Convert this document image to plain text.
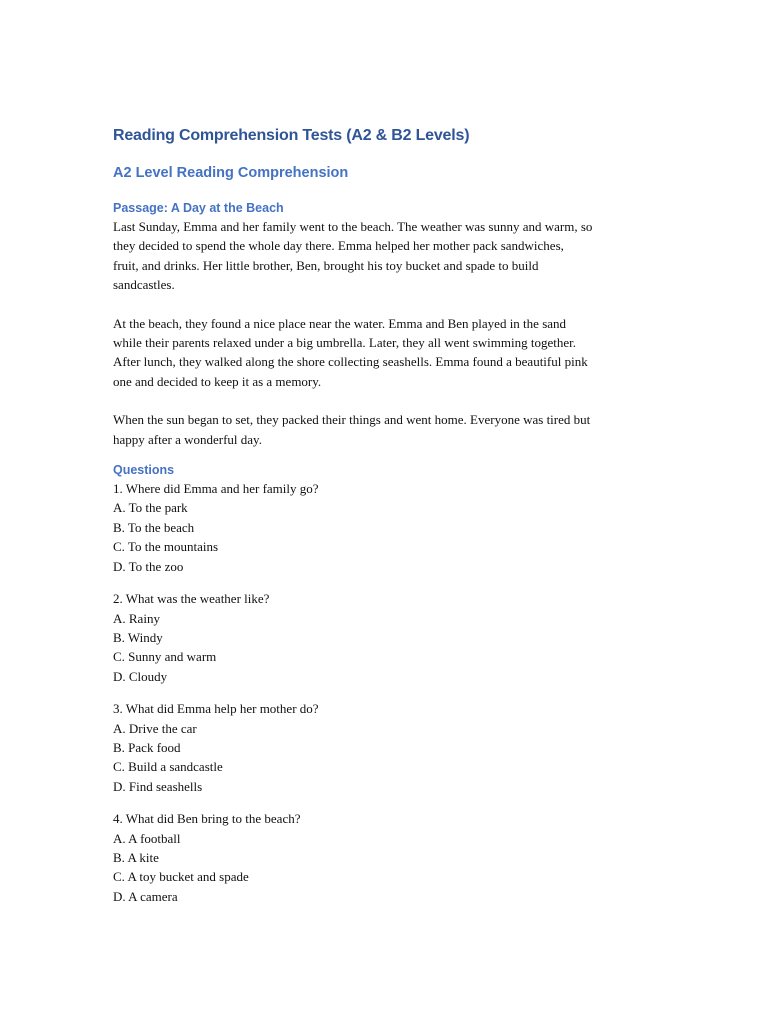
Reading Comprehension Tests (A2 & B2 Levels)
A2 Level Reading Comprehension
Passage: A Day at the Beach
Last Sunday, Emma and her family went to the beach. The weather was sunny and warm, so
they decided to spend the whole day there. Emma helped her mother pack sandwiches,
fruit, and drinks. Her little brother, Ben, brought his toy bucket and spade to build
sandcastles.
At the beach, they found a nice place near the water. Emma and Ben played in the sand
while their parents relaxed under a big umbrella. Later, they all went swimming together.
After lunch, they walked along the shore collecting seashells. Emma found a beautiful pink
one and decided to keep it as a memory.
When the sun began to set, they packed their things and went home. Everyone was tired but
happy after a wonderful day.
Questions
1. Where did Emma and her family go?
A. To the park
B. To the beach
C. To the mountains
D. To the zoo
2. What was the weather like?
A. Rainy
B. Windy
C. Sunny and warm
D. Cloudy
3. What did Emma help her mother do?
A. Drive the car
B. Pack food
C. Build a sandcastle
D. Find seashells
4. What did Ben bring to the beach?
A. A football
B. A kite
C. A toy bucket and spade
D. A camera
